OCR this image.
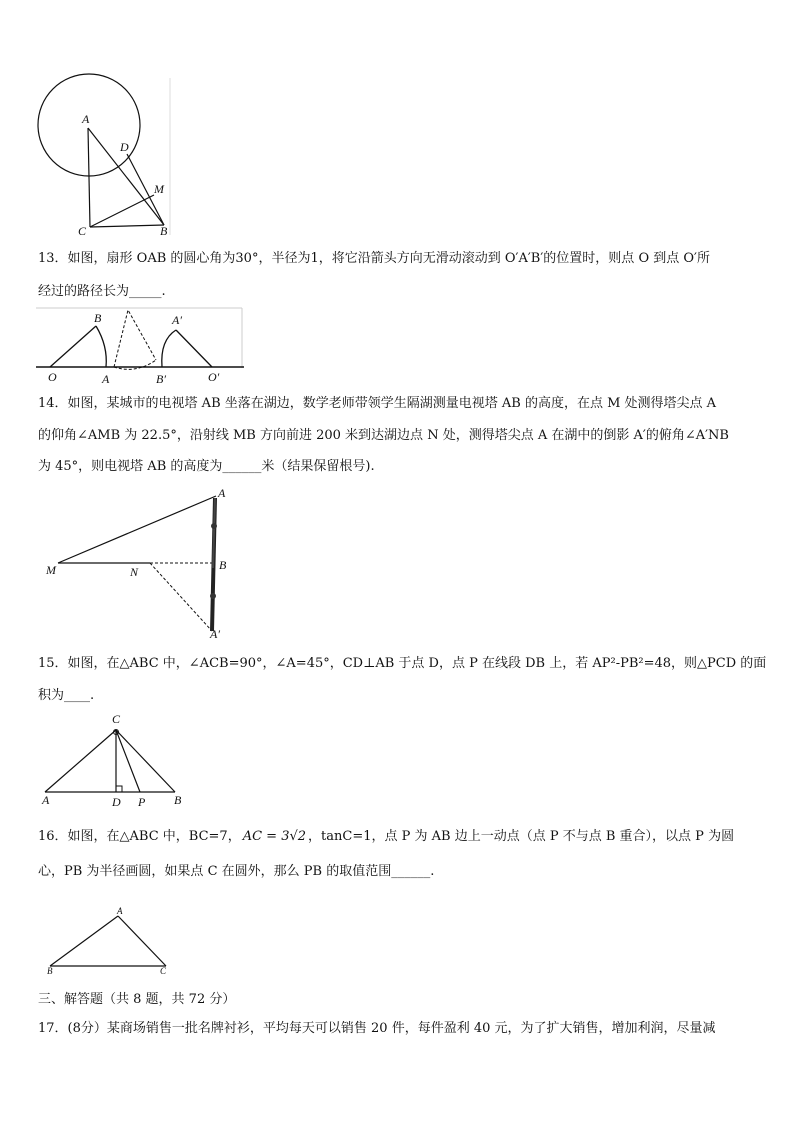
A
D
M
C	B
13．如图，扇形 OAB 的圆心角为30°，半径为1，将它沿箭头方向无滑动滚动到 O′A′B′的位置时，则点 O 到点 O′所
经过的路径长为_____.
B	A′
O	A	B′	O′
14．如图，某城市的电视塔 AB 坐落在湖边，数学老师带领学生隔湖测量电视塔 AB 的高度，在点 M 处测得塔尖点 A
的仰角∠AMB 为 22.5°，沿射线 MB 方向前进 200 米到达湖边点 N 处，测得塔尖点 A 在湖中的倒影 A′的俯角∠A′NB
为 45°，则电视塔 AB 的高度为______米（结果保留根号).
A
M	N	B
A′
15．如图，在△ABC 中，∠ACB=90°，∠A=45°，CD⊥AB 于点 D，点 P 在线段 DB 上，若 AP²-PB²=48，则△PCD 的面
积为____.
C
A	D P B
16．如图，在△ABC 中，BC=7， AC = 3√2 ，tanC=1，点 P 为 AB 边上一动点（点 P 不与点 B 重合），以点 P 为圆
心，PB 为半径画圆，如果点 C 在圆外，那么 PB 的取值范围______.
A
B	C
三、解答题（共 8 题，共 72 分）
17．(8分）某商场销售一批名牌衬衫，平均每天可以销售 20 件，每件盈利 40 元，为了扩大销售，增加利润，尽量减
